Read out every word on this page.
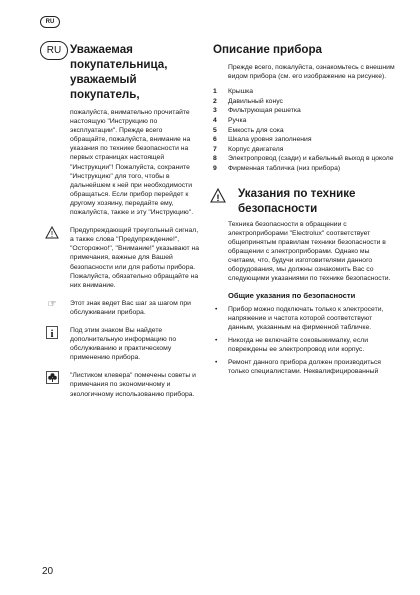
RU
RU Уважаемая покупательница, уважаемый покупатель,

пожалуйста, внимательно прочитайте настоящую "Инструкцию по эксплуатации". Прежде всего обращайте, пожалуйста, внимание на указания по технике безопасности на первых страницах настоящей "Инструкции"! Пожалуйста, сохраните "Инструкцию" для того, чтобы в дальнейшем к ней при необходимости обращаться. Если прибор перейдет к другому хозяину, передайте ему, пожалуйста, также и эту "Инструкцию".

! Предупреждающий треугольный сигнал, а также слова "Предупреждение!", "Осторожно!", "Внимание!" указывают на примечания, важные для Вашей безопасности или для работы прибора. Пожалуйста, обязательно обращайте на них внимание.

☞	Этот знак ведет Вас шаг за шагом при обслуживании прибора.

i Под этим знаком Вы найдете дополнительную информацию по обслуживанию и практическому применению прибора.

"Листиком клевера" помечены советы и примечания по экономичному и экологичному использованию прибора.

Описание прибора

Прежде всего, пожалуйста, ознакомьтесь с внешним видом прибора (см. его изображение на рисунке).

1 Крышка
2 Давильный конус
3 Фильтрующая решетка
4 Ручка
5 Емкость для сока
6 Шкала уровня заполнения
7 Корпус двигателя
8 Электропровод (сзади) и кабельный выход в цоколе
9 Фирменная табличка (низ прибора)
! Указания по технике безопасности

Техника безопасности в обращении с электроприборами "Electrolux" соответствует общепринятым правилам техники безопасности в обращении с электроприборами. Однако мы считаем, что, будучи изготовителями данного оборудования, мы должны ознакомить Вас со следующими указаниями по технике безопасности.

Общие указания по безопасности
• Прибор можно подключать только к электросети, напряжение и частота которой соответствуют данным, указанным на фирменной табличке.
• Никогда не включайте соковыжималку, если повреждены ее электропровод или корпус.
• Ремонт данного прибора должен производиться только специалистами. Неквалифицированный
20
